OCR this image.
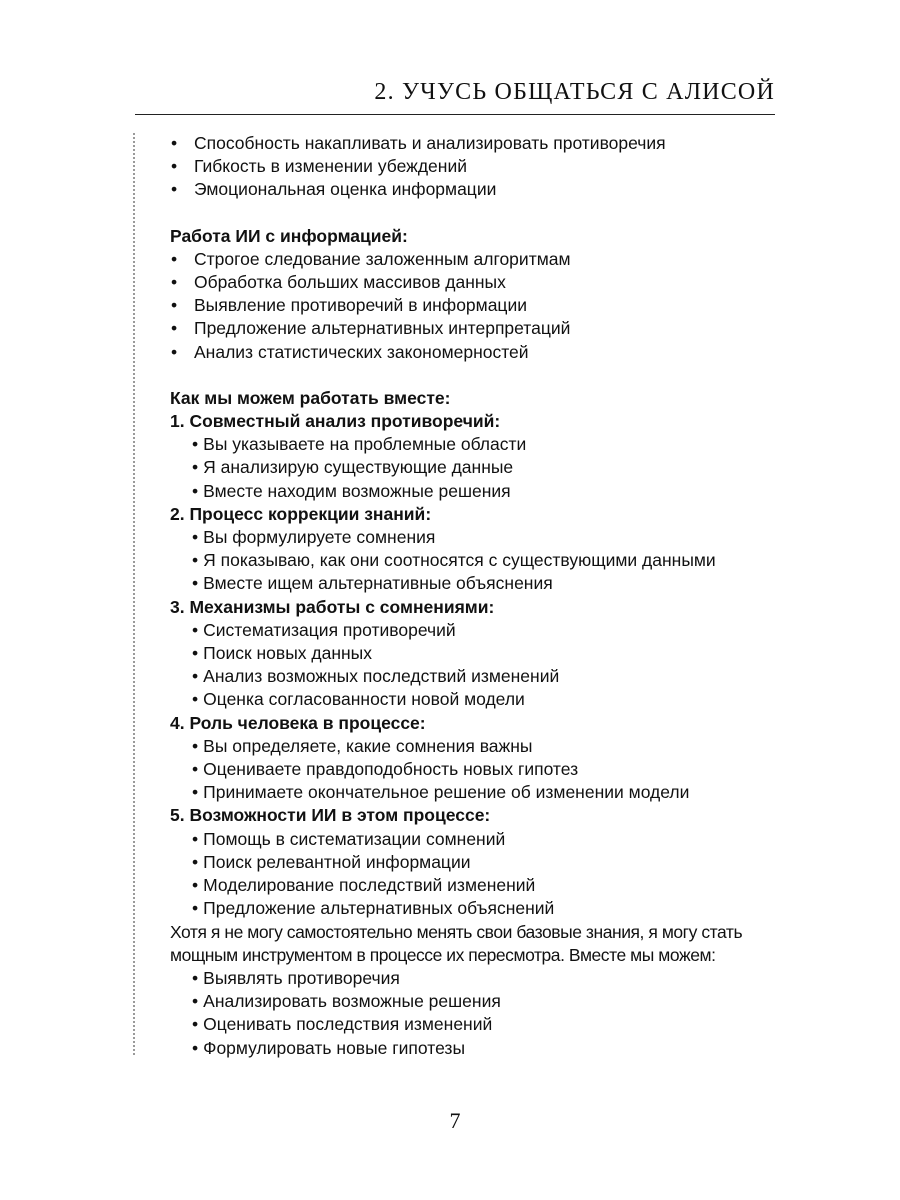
2. УЧУСЬ ОБЩАТЬСЯ С АЛИСОЙ
• Способность накапливать и анализировать противоречия
• Гибкость в изменении убеждений
• Эмоциональная оценка информации
Работа ИИ с информацией:
• Строгое следование заложенным алгоритмам
• Обработка больших массивов данных
• Выявление противоречий в информации
• Предложение альтернативных интерпретаций
• Анализ статистических закономерностей
Как мы можем работать вместе:
1. Совместный анализ противоречий:
• Вы указываете на проблемные области
• Я анализирую существующие данные
• Вместе находим возможные решения
2. Процесс коррекции знаний:
• Вы формулируете сомнения
• Я показываю, как они соотносятся с существующими данными
• Вместе ищем альтернативные объяснения
3. Механизмы работы с сомнениями:
• Систематизация противоречий
• Поиск новых данных
• Анализ возможных последствий изменений
• Оценка согласованности новой модели
4. Роль человека в процессе:
• Вы определяете, какие сомнения важны
• Оцениваете правдоподобность новых гипотез
• Принимаете окончательное решение об изменении модели
5. Возможности ИИ в этом процессе:
• Помощь в систематизации сомнений
• Поиск релевантной информации
• Моделирование последствий изменений
• Предложение альтернативных объяснений
Хотя я не могу самостоятельно менять свои базовые знания, я могу стать
мощным инструментом в процессе их пересмотра. Вместе мы можем:
• Выявлять противоречия
• Анализировать возможные решения
• Оценивать последствия изменений
• Формулировать новые гипотезы
7
